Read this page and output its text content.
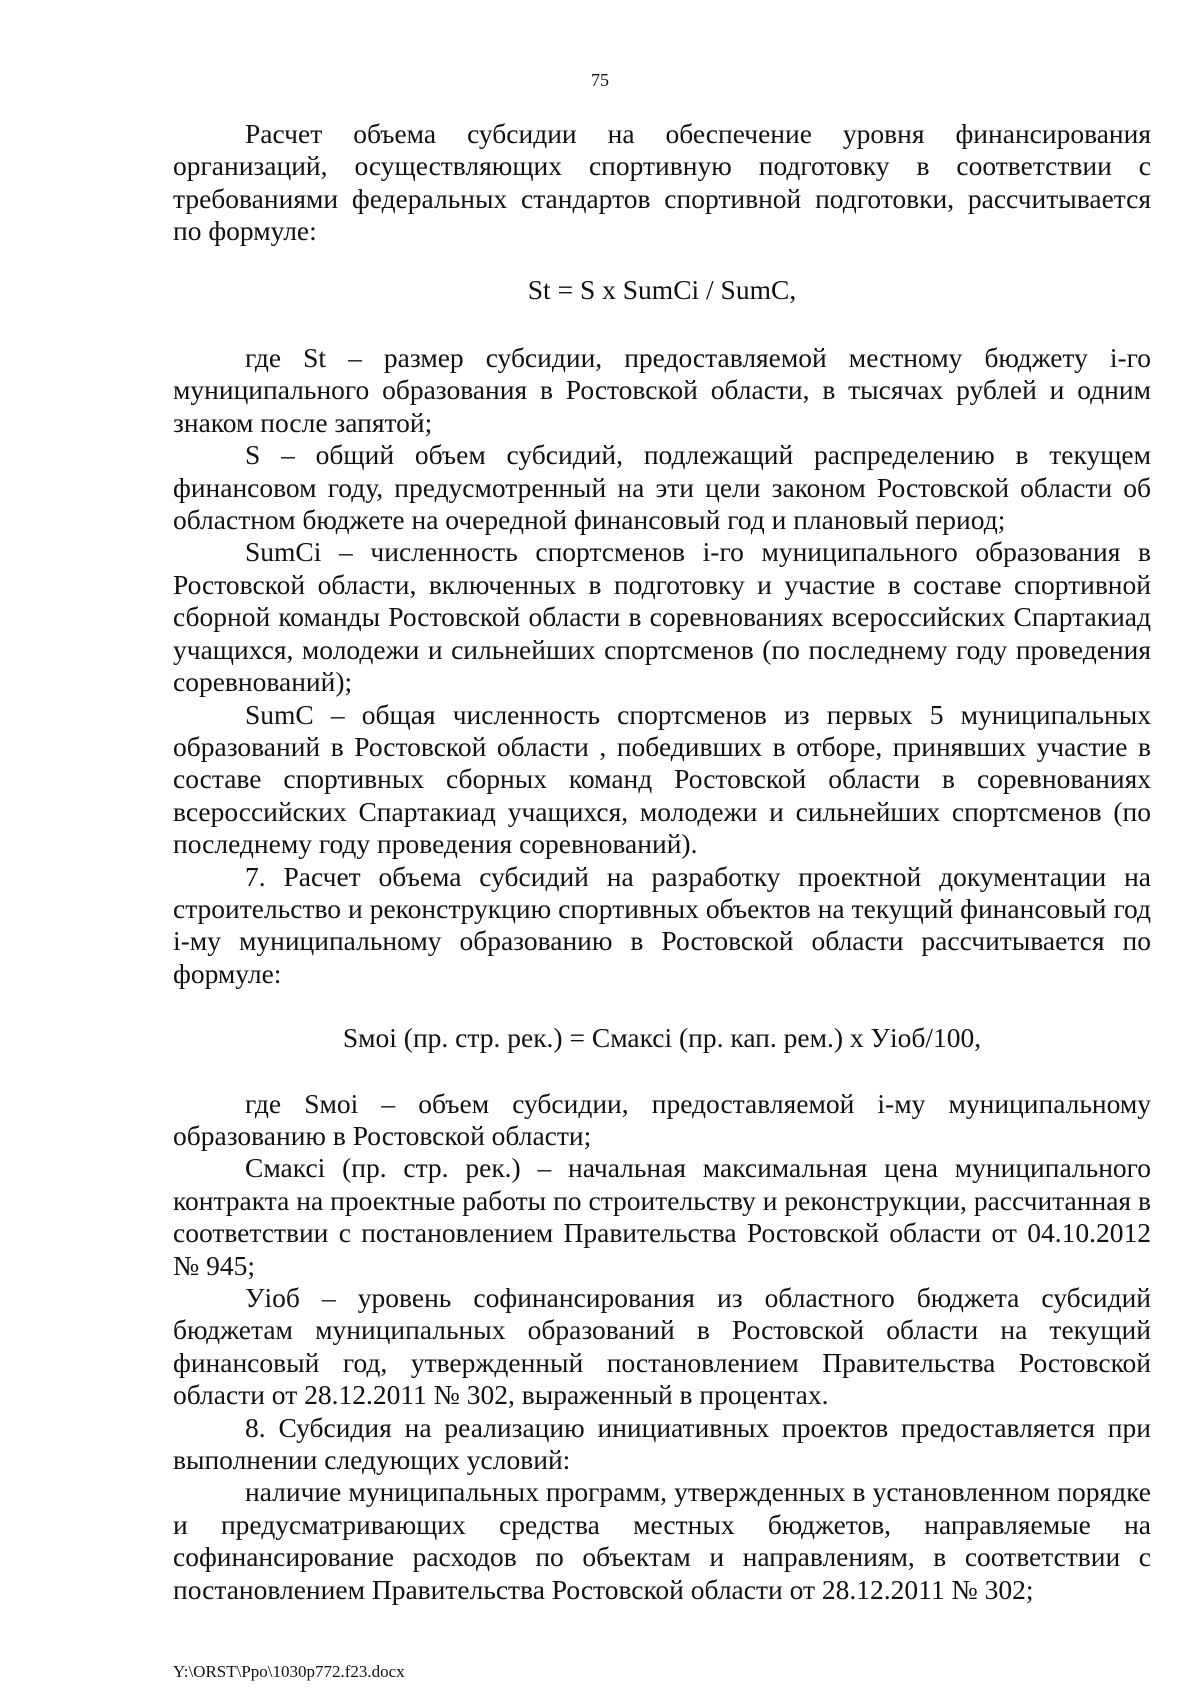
75

Расчет объема субсидии на обеспечение уровня финансирования организаций, осуществляющих спортивную подготовку в соответствии с требованиями федеральных стандартов спортивной подготовки, рассчитывается по формуле:

St = S x SumCi / SumC,

где St – размер субсидии, предоставляемой местному бюджету i-го муниципального образования в Ростовской области, в тысячах рублей и одним знаком после запятой;

S – общий объем субсидий, подлежащий распределению в текущем финансовом году, предусмотренный на эти цели законом Ростовской области об областном бюджете на очередной финансовый год и плановый период;

SumCi – численность спортсменов i-го муниципального образования в Ростовской области, включенных в подготовку и участие в составе спортивной сборной команды Ростовской области в соревнованиях всероссийских Спартакиад учащихся, молодежи и сильнейших спортсменов (по последнему году проведения соревнований);

SumC – общая численность спортсменов из первых 5 муниципальных образований в Ростовской области , победивших в отборе, принявших участие в составе спортивных сборных команд Ростовской области в соревнованиях всероссийских Спартакиад учащихся, молодежи и сильнейших спортсменов (по последнему году проведения соревнований).

7. Расчет объема субсидий на разработку проектной документации на строительство и реконструкцию спортивных объектов на текущий финансовый год i-му муниципальному образованию в Ростовской области рассчитывается по формуле:

Sмоi (пр. стр. рек.) = Смаксi (пр. кап. рем.) x Уiоб/100,

где Sмоi – объем субсидии, предоставляемой i-му муниципальному образованию в Ростовской области;

Смаксi (пр. стр. рек.) – начальная максимальная цена муниципального контракта на проектные работы по строительству и реконструкции, рассчитанная в соответствии с постановлением Правительства Ростовской области от 04.10.2012 № 945;

Уiоб – уровень софинансирования из областного бюджета субсидий бюджетам муниципальных образований в Ростовской области на текущий финансовый год, утвержденный постановлением Правительства Ростовской области от 28.12.2011 № 302, выраженный в процентах.

8. Субсидия на реализацию инициативных проектов предоставляется при выполнении следующих условий:

наличие муниципальных программ, утвержденных в установленном порядке и предусматривающих средства местных бюджетов, направляемые на софинансирование расходов по объектам и направлениям, в соответствии с постановлением Правительства Ростовской области от 28.12.2011 № 302;

Y:\ORST\Ppo\1030p772.f23.docx
